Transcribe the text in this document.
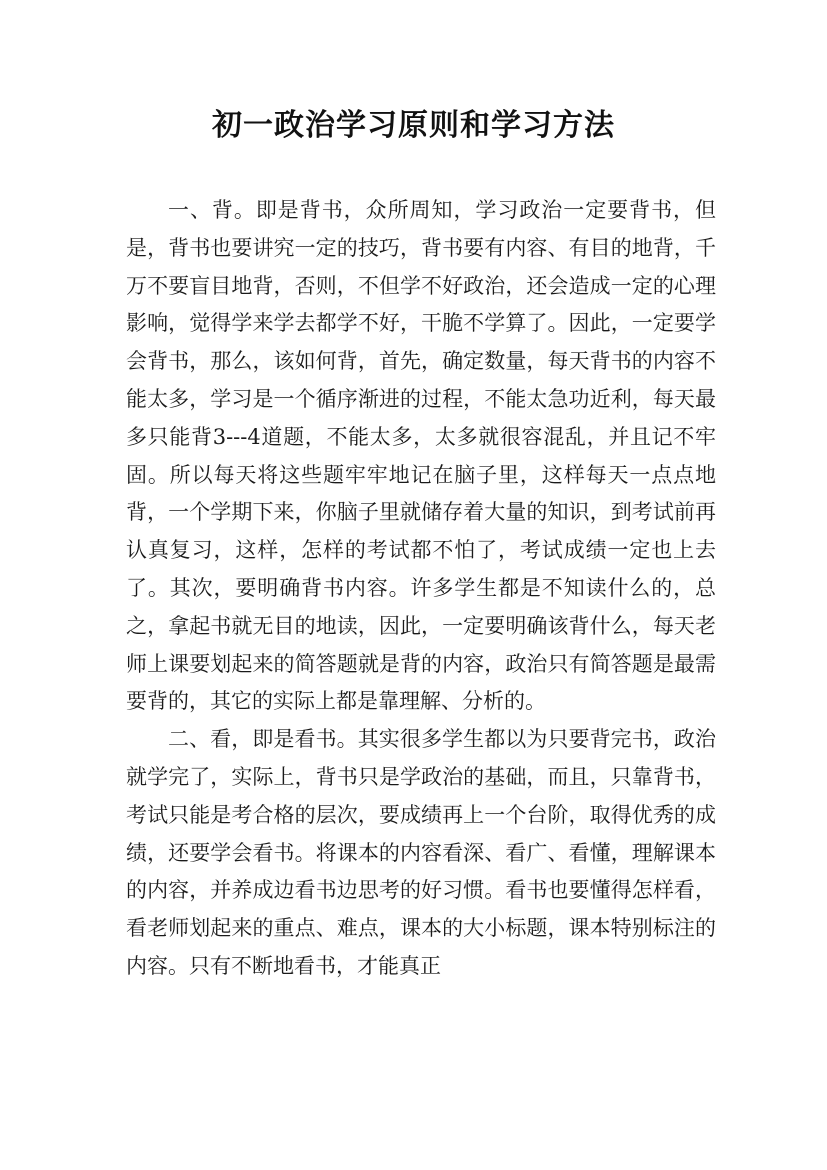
初一政治学习原则和学习方法

一、背。即是背书，众所周知，学习政治一定要背书，但是，背书也要讲究一定的技巧，背书要有内容、有目的地背，千万不要盲目地背，否则，不但学不好政治，还会造成一定的心理影响，觉得学来学去都学不好，干脆不学算了。因此，一定要学会背书，那么，该如何背，首先，确定数量，每天背书的内容不能太多，学习是一个循序渐进的过程，不能太急功近利，每天最多只能背3---4道题，不能太多，太多就很容混乱，并且记不牢固。所以每天将这些题牢牢地记在脑子里，这样每天一点点地背，一个学期下来，你脑子里就储存着大量的知识，到考试前再认真复习，这样，怎样的考试都不怕了，考试成绩一定也上去了。其次，要明确背书内容。许多学生都是不知读什么的，总之，拿起书就无目的地读，因此，一定要明确该背什么，每天老师上课要划起来的简答题就是背的内容，政治只有简答题是最需要背的，其它的实际上都是靠理解、分析的。

二、看，即是看书。其实很多学生都以为只要背完书，政治就学完了，实际上，背书只是学政治的基础，而且，只靠背书，考试只能是考合格的层次，要成绩再上一个台阶，取得优秀的成绩，还要学会看书。将课本的内容看深、看广、看懂，理解课本的内容，并养成边看书边思考的好习惯。看书也要懂得怎样看，看老师划起来的重点、难点，课本的大小标题，课本特别标注的内容。只有不断地看书，才能真正
